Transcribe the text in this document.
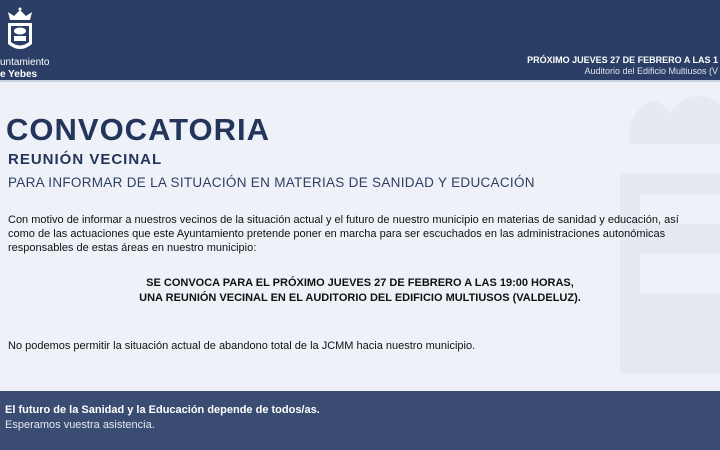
untamiento
e Yebes
PRÓXIMO JUEVES 27 DE FEBRERO A LAS 1
Auditorio del Edificio Multiusos (V
CONVOCATORIA
REUNIÓN VECINAL
PARA INFORMAR DE LA SITUACIÓN EN MATERIAS DE SANIDAD Y EDUCACIÓN
Con motivo de informar a nuestros vecinos de la situación actual y el futuro de nuestro municipio en materias de sanidad y educación, así como de las actuaciones que este Ayuntamiento pretende poner en marcha para ser escuchados en las administraciones autonómicas responsables de estas áreas en nuestro municipio:
SE CONVOCA PARA EL PRÓXIMO JUEVES 27 DE FEBRERO A LAS 19:00 HORAS,
UNA REUNIÓN VECINAL EN EL AUDITORIO DEL EDIFICIO MULTIUSOS (VALDELUZ).
No podemos permitir la situación actual de abandono total de la JCMM hacia nuestro municipio.
El futuro de la Sanidad y la Educación depende de todos/as.
Esperamos vuestra asistencia.
